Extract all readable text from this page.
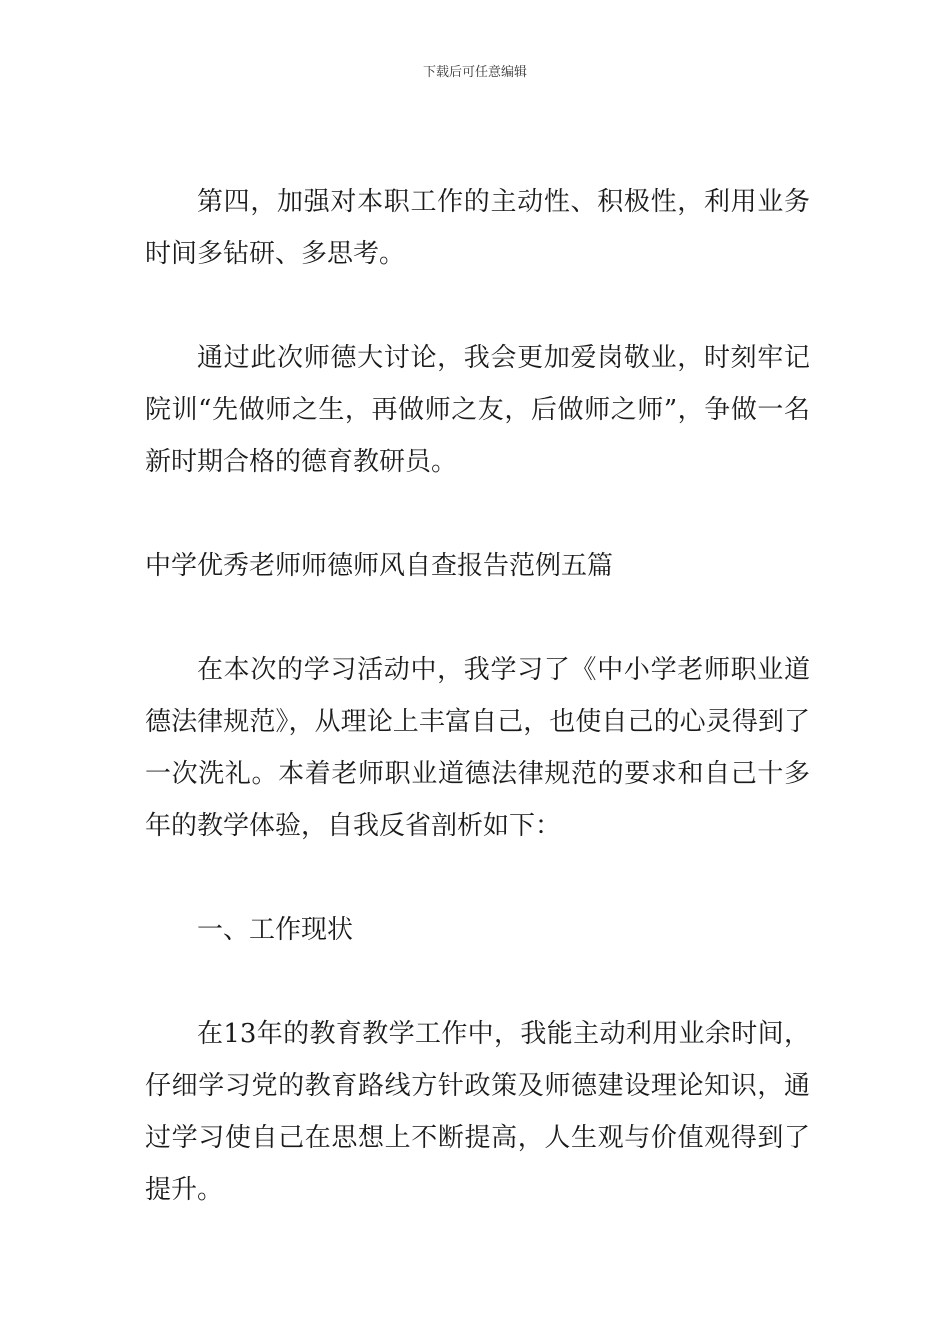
下载后可任意编辑

第四，加强对本职工作的主动性、积极性，利用业务时间多钻研、多思考。

通过此次师德大讨论，我会更加爱岗敬业，时刻牢记院训“先做师之生，再做师之友，后做师之师”，争做一名新时期合格的德育教研员。

中学优秀老师师德师风自查报告范例五篇

在本次的学习活动中，我学习了《中小学老师职业道德法律规范》，从理论上丰富自己，也使自己的心灵得到了一次洗礼。本着老师职业道德法律规范的要求和自己十多年的教学体验，自我反省剖析如下：

一、工作现状

在13年的教育教学工作中，我能主动利用业余时间，仔细学习党的教育路线方针政策及师德建设理论知识，通过学习使自己在思想上不断提高，人生观与价值观得到了提升。
